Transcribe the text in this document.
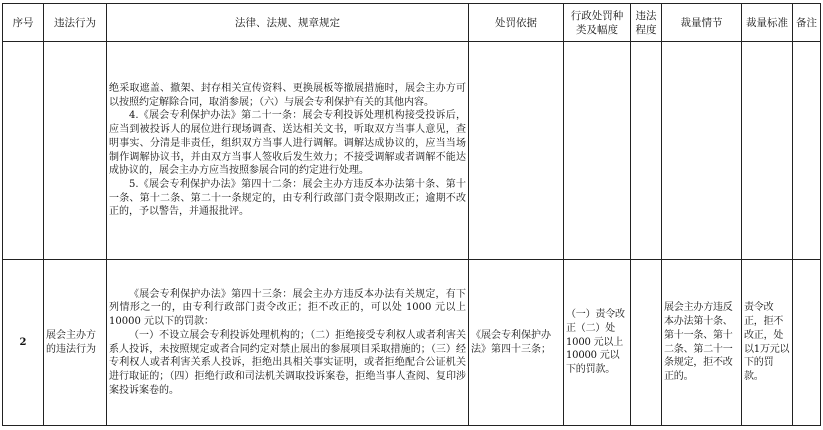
序号	违法行为	法律、法规、规章规定	处罚依据	行政处罚种类及幅度	违法程度	裁量情节	裁量标准	备注

		绝采取遮盖、撤架、封存相关宣传资料、更换展板等撤展措施时，展会主办方可以按照约定解除合同，取消参展；（六）与展会专利保护有关的其他内容。

4.《展会专利保护办法》第二十一条：展会专利投诉处理机构接受投诉后，应当到被投诉人的展位进行现场调查、送达相关文书，听取双方当事人意见，查明事实、分清是非责任，组织双方当事人进行调解。调解达成协议的，应当当场制作调解协议书，并由双方当事人签收后发生效力；不接受调解或者调解不能达成协议的，展会主办方应当按照参展合同的约定进行处理。

5.《展会专利保护办法》第四十二条：展会主办方违反本办法第十条、第十一条、第十二条、第二十一条规定的，由专利行政部门责令限期改正；逾期不改正的，予以警告，并通报批评。						

2	展会主办方的违法行为	《展会专利保护办法》第四十三条：展会主办方违反本办法有关规定，有下列情形之一的，由专利行政部门责令改正；拒不改正的，可以处 1000 元以上 10000 元以下的罚款：

（一）不设立展会专利投诉处理机构的；（二）拒绝接受专利权人或者利害关系人投诉，未按照规定或者合同约定对禁止展出的参展项目采取措施的；（三）经专利权人或者利害关系人投诉，拒绝出具相关事实证明，或者拒绝配合公证机关进行取证的；（四）拒绝行政和司法机关调取投诉案卷，拒绝当事人查阅、复印涉案投诉案卷的。	《展会专利保护办法》第四十三条；	（一）责令改正（二）处 1000 元以上 10000 元以下的罚款。		展会主办方违反本办法第十条、第十一条、第十二条、第二十一条规定，拒不改正的。	责令改正，拒不改正，处以1万元以下的罚款。	
